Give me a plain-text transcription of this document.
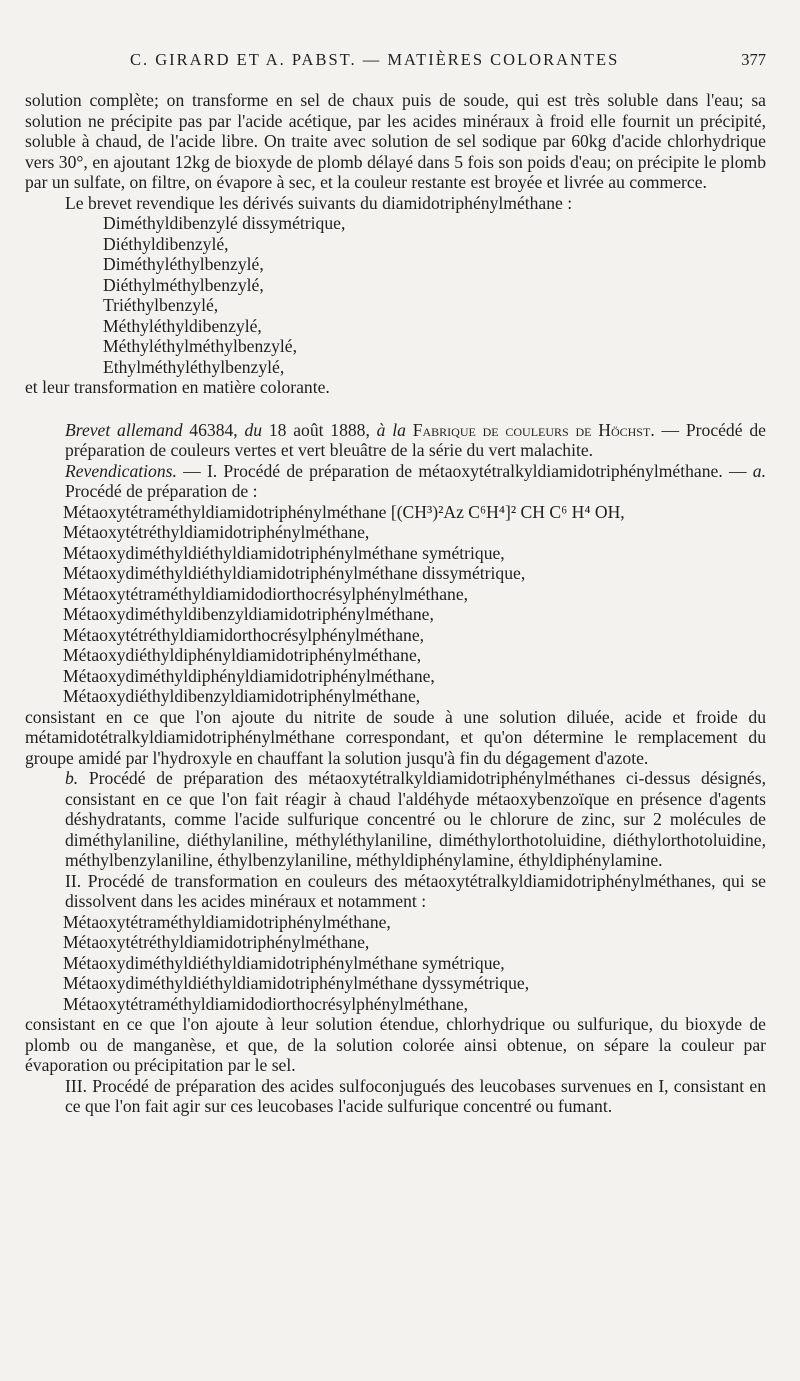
C. GIRARD ET A. PABST. — MATIÈRES COLORANTES	377

solution complète; on transforme en sel de chaux puis de soude, qui est très soluble dans l'eau; sa solution ne précipite pas par l'acide acétique, par les acides minéraux à froid elle fournit un précipité, soluble à chaud, de l'acide libre. On traite avec solution de sel sodique par 60kg d'acide chlorhydrique vers 30°, en ajoutant 12kg de bioxyde de plomb délayé dans 5 fois son poids d'eau; on précipite le plomb par un sulfate, on filtre, on évapore à sec, et la couleur restante est broyée et livrée au commerce.

Le brevet revendique les dérivés suivants du diamidotriphénylméthane :

Diméthyldibenzylé dissymétrique,
Diéthyldibenzylé,
Diméthyléthylbenzylé,
Diéthylméthylbenzylé,
Triéthylbenzylé,
Méthyléthyldibenzylé,
Méthyléthylméthylbenzylé,
Ethylméthyléthylbenzylé,

et leur transformation en matière colorante.

Brevet allemand 46384, du 18 août 1888, à la Fabrique de couleurs de Höchst. — Procédé de préparation de couleurs vertes et vert bleuâtre de la série du vert malachite.

Revendications. — I. Procédé de préparation de métaoxytétralkyldiamidotriphénylméthane. — a. Procédé de préparation de :

Métaoxytétraméthyldiamidotriphénylméthane [(CH³)²Az C⁶H⁴]² CH C⁶ H⁴ OH,
Métaoxytétréthyldiamidotriphénylméthane,
Métaoxydiméthyldiéthyldiamidotriphénylméthane symétrique,
Métaoxydiméthyldiéthyldiamidotriphénylméthane dissymétrique,
Métaoxytétraméthyldiamidodiorthocrésylphénylméthane,
Métaoxydiméthyldibenzyldiamidotriphénylméthane,
Métaoxytétréthyldiamidorthocrésylphénylméthane,
Métaoxydiéthyldiphényldiamidotriphénylméthane,
Métaoxydiméthyldiphényldiamidotriphénylméthane,
Métaoxydiéthyldibenzyldiamidotriphénylméthane,

consistant en ce que l'on ajoute du nitrite de soude à une solution diluée, acide et froide du métamidotétralkyldiamidotriphénylméthane correspondant, et qu'on détermine le remplacement du groupe amidé par l'hydroxyle en chauffant la solution jusqu'à fin du dégagement d'azote.

b. Procédé de préparation des métaoxytétralkyldiamidotriphénylméthanes ci-dessus désignés, consistant en ce que l'on fait réagir à chaud l'aldéhyde métaoxybenzoïque en présence d'agents déshydratants, comme l'acide sulfurique concentré ou le chlorure de zinc, sur 2 molécules de diméthylaniline, diéthylaniline, méthyléthylaniline, diméthylorthotoluidine, diéthylorthotoluidine, méthylbenzylaniline, éthylbenzylaniline, méthyldiphénylamine, éthyldiphénylamine.

II. Procédé de transformation en couleurs des métaoxytétralkyldiamidotriphénylméthanes, qui se dissolvent dans les acides minéraux et notamment :

Métaoxytétraméthyldiamidotriphénylméthane,
Métaoxytétréthyldiamidotriphénylméthane,
Métaoxydiméthyldiéthyldiamidotriphénylméthane symétrique,
Métaoxydiméthyldiéthyldiamidotriphénylméthane dyssymétrique,
Métaoxytétraméthyldiamidodiorthocrésylphénylméthane,

consistant en ce que l'on ajoute à leur solution étendue, chlorhydrique ou sulfurique, du bioxyde de plomb ou de manganèse, et que, de la solution colorée ainsi obtenue, on sépare la couleur par évaporation ou précipitation par le sel.

III. Procédé de préparation des acides sulfoconjugués des leucobases survenues en I, consistant en ce que l'on fait agir sur ces leucobases l'acide sulfurique concentré ou fumant.
